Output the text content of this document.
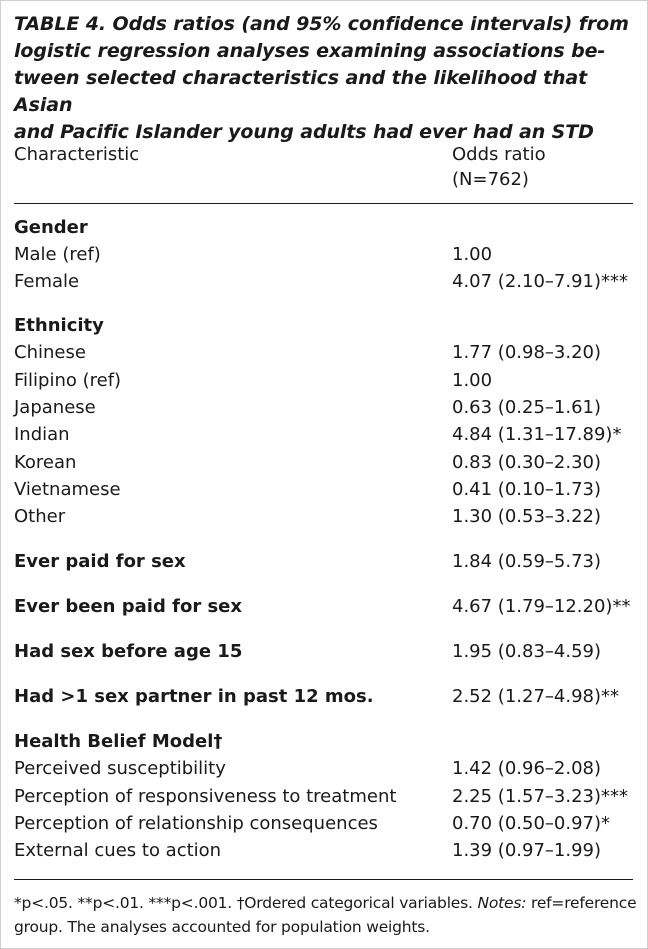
TABLE 4. Odds ratios (and 95% confidence intervals) from
logistic regression analyses examining associations be-
tween selected characteristics and the likelihood that Asian
and Pacific Islander young adults had ever had an STD
Characteristic	Odds ratio
(N=762)
Gender
Male (ref)	1.00
Female	4.07 (2.10–7.91)***
Ethnicity
Chinese	1.77 (0.98–3.20)
Filipino (ref)	1.00
Japanese	0.63 (0.25–1.61)
Indian	4.84 (1.31–17.89)*
Korean	0.83 (0.30–2.30)
Vietnamese	0.41 (0.10–1.73)
Other	1.30 (0.53–3.22)
Ever paid for sex	1.84 (0.59–5.73)
Ever been paid for sex	4.67 (1.79–12.20)**
Had sex before age 15	1.95 (0.83–4.59)
Had >1 sex partner in past 12 mos.	2.52 (1.27–4.98)**
Health Belief Model†
Perceived susceptibility	1.42 (0.96–2.08)
Perception of responsiveness to treatment	2.25 (1.57–3.23)***
Perception of relationship consequences	0.70 (0.50–0.97)*
External cues to action	1.39 (0.97–1.99)
*p<.05. **p<.01. ***p<.001. †Ordered categorical variables. Notes: ref=reference group. The analyses accounted for population weights.
